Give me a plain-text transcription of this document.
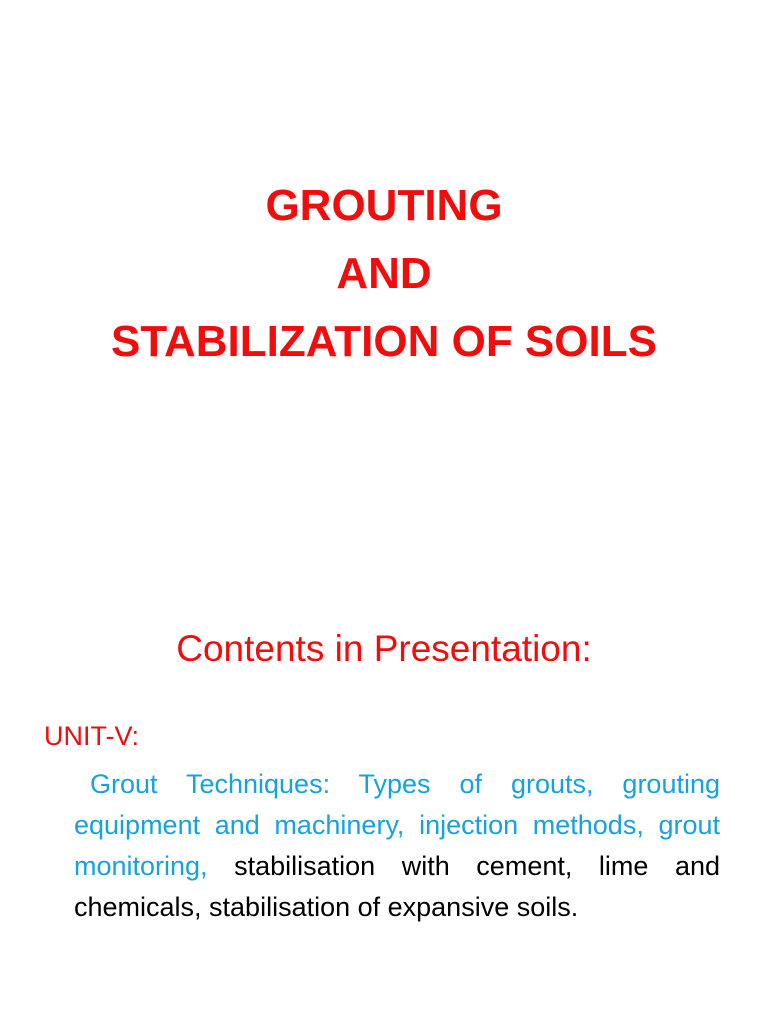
GROUTING
AND
STABILIZATION OF SOILS
Contents in Presentation:
UNIT-V:
Grout Techniques: Types of grouts, grouting equipment and machinery, injection methods, grout monitoring, stabilisation with cement, lime and chemicals, stabilisation of expansive soils.
